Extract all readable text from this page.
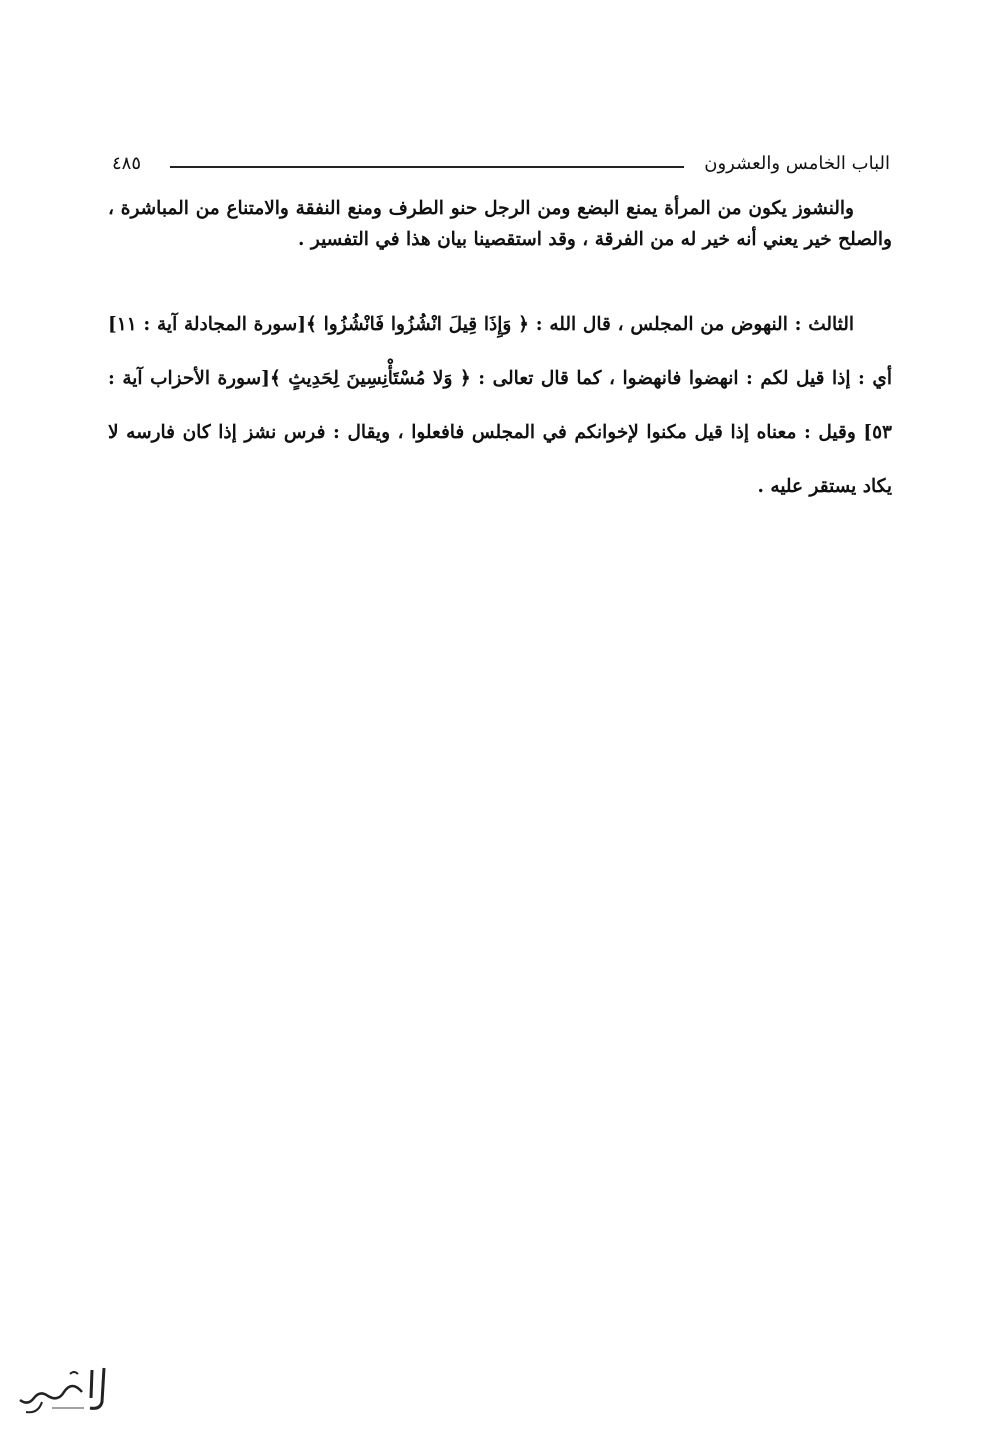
الباب الخامس والعشرون
٤٨٥

والنشوز يكون من المرأة يمنع البضع ومن الرجل حنو الطرف ومنع النفقة والامتناع من المباشرة ، والصلح خير يعني أنه خير له من الفرقة ، وقد استقصينا بيان هذا في التفسير .

الثالث : النهوض من المجلس ، قال الله : ﴿ وَإِذَا قِيلَ انْشُزُوا فَانْشُزُوا ﴾[سورة المجادلة آية : ١١] أي : إذا قيل لكم : انهضوا فانهضوا ، كما قال تعالى : ﴿ وَلا مُسْتَأْنِسِينَ لِحَدِيثٍ ﴾[سورة الأحزاب آية : ٥٣] وقيل : معناه إذا قيل مكنوا لإخوانكم في المجلس فافعلوا ، ويقال : فرس نشز إذا كان فارسه لا يكاد يستقر عليه .
